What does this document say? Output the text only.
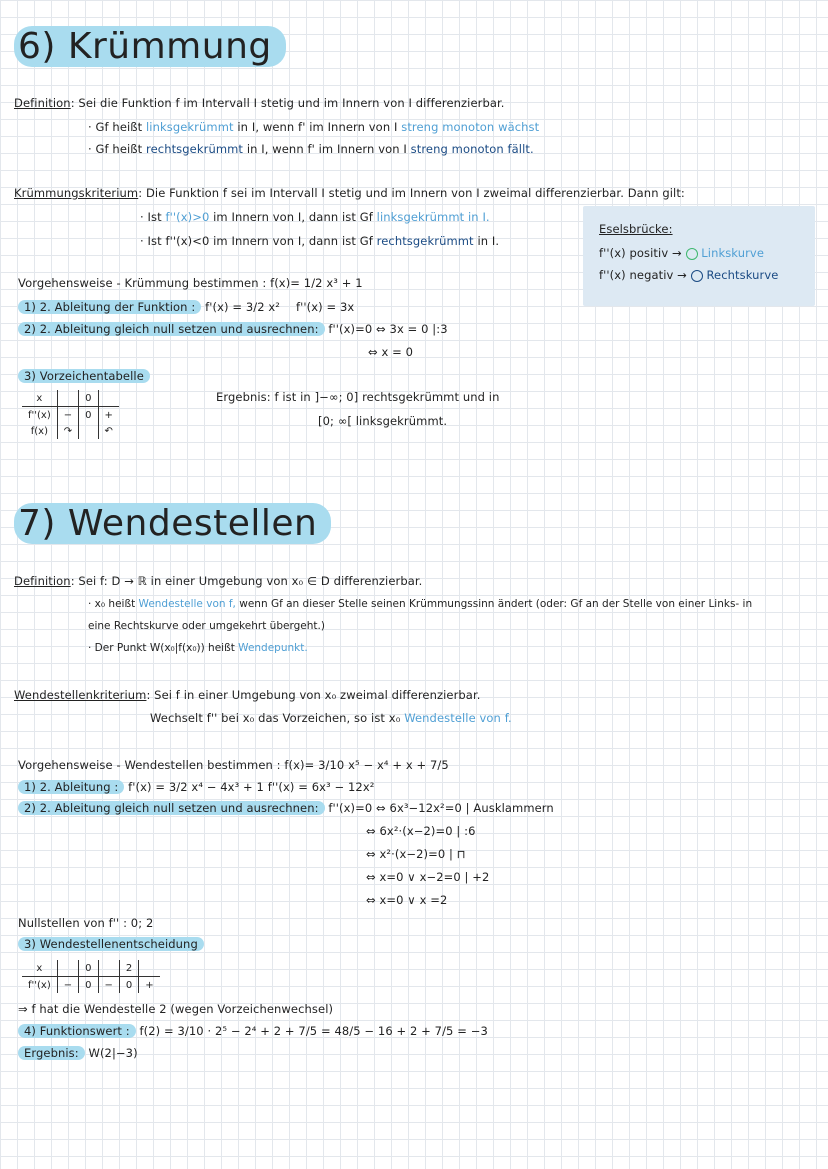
6) Krümmung
Definition: Sei die Funktion f im Intervall I stetig und im Innern von I differenzierbar.
· Gf heißt linksgekrümmt in I, wenn f' im Innern von I streng monoton wächst
· Gf heißt rechtsgekrümmt in I, wenn f' im Innern von I streng monoton fällt.
Krümmungskriterium: Die Funktion f sei im Intervall I stetig und im Innern von I zweimal differenzierbar. Dann gilt:
· Ist f''(x)>0 im Innern von I, dann ist Gf linksgekrümmt in I.
· Ist f''(x)<0 im Innern von I, dann ist Gf rechtsgekrümmt in I.
Eselsbrücke:
f''(x) positiv → Linkskurve
f''(x) negativ → Rechtskurve
Vorgehensweise - Krümmung bestimmen : f(x)= 1/2 x³ + 1
1) 2. Ableitung der Funktion : f'(x) = 3/2 x² f''(x) = 3x
2) 2. Ableitung gleich null setzen und ausrechnen: f''(x)=0 ⇔ 3x = 0 |:3
⇔ x = 0
3) Vorzeichentabelle
x		0	
f''(x)	−	0	+
f(x)	↷		↶
Ergebnis: f ist in ]−∞; 0] rechtsgekrümmt und in
[0; ∞[ linksgekrümmt.
7) Wendestellen
Definition: Sei f: D → ℝ in einer Umgebung von x₀ ∈ D differenzierbar.
· x₀ heißt Wendestelle von f, wenn Gf an dieser Stelle seinen Krümmungssinn ändert (oder: Gf an der Stelle von einer Links- in
eine Rechtskurve oder umgekehrt übergeht.)
· Der Punkt W(x₀|f(x₀)) heißt Wendepunkt.
Wendestellenkriterium: Sei f in einer Umgebung von x₀ zweimal differenzierbar.
Wechselt f'' bei x₀ das Vorzeichen, so ist x₀ Wendestelle von f.
Vorgehensweise - Wendestellen bestimmen : f(x)= 3/10 x⁵ − x⁴ + x + 7/5
1) 2. Ableitung : f'(x) = 3/2 x⁴ − 4x³ + 1 f''(x) = 6x³ − 12x²
2) 2. Ableitung gleich null setzen und ausrechnen: f''(x)=0 ⇔ 6x³−12x²=0 | Ausklammern
⇔ 6x²·(x−2)=0 | :6
⇔ x²·(x−2)=0 | ⊓
⇔ x=0 ∨ x−2=0 | +2
⇔ x=0 ∨ x =2
Nullstellen von f'' : 0; 2
3) Wendestellenentscheidung
x		0		2	
f''(x)	−	0	−	0	+
⇒ f hat die Wendestelle 2 (wegen Vorzeichenwechsel)
4) Funktionswert : f(2) = 3/10 · 2⁵ − 2⁴ + 2 + 7/5 = 48/5 − 16 + 2 + 7/5 = −3
Ergebnis: W(2|−3)
